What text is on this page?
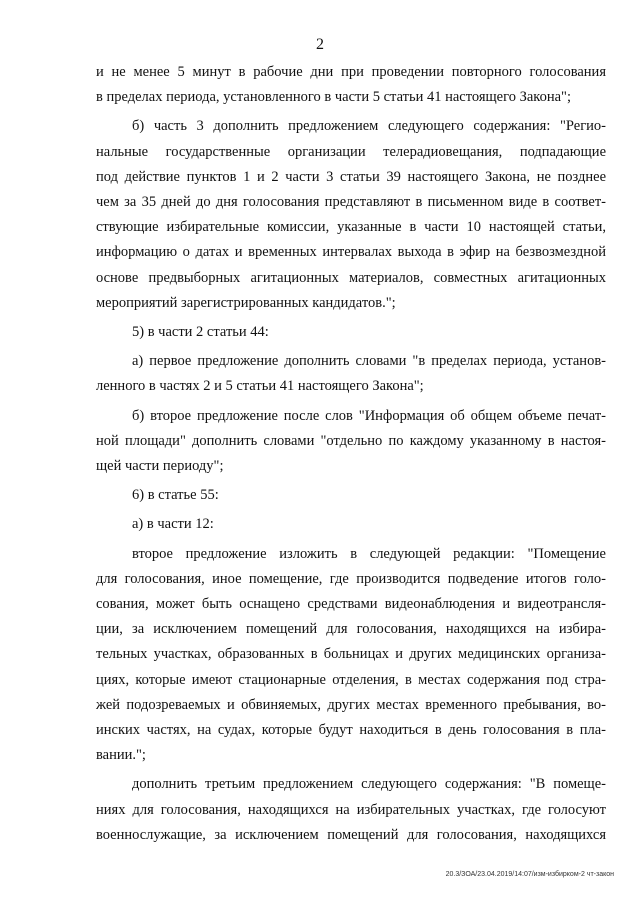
2

и не менее 5 минут в рабочие дни при проведении повторного голосования

в пределах периода, установленного в части 5 статьи 41 настоящего Закона";

б) часть 3 дополнить предложением следующего содержания: "Регио-

нальные государственные организации телерадиовещания, подпадающие

под действие пунктов 1 и 2 части 3 статьи 39 настоящего Закона, не позднее

чем за 35 дней до дня голосования представляют в письменном виде в соответ-

ствующие избирательные комиссии, указанные в части 10 настоящей статьи,

информацию о датах и временных интервалах выхода в эфир на безвозмездной

основе предвыборных агитационных материалов, совместных агитационных

мероприятий зарегистрированных кандидатов.";

5) в части 2 статьи 44:

а) первое предложение дополнить словами "в пределах периода, установ-

ленного в частях 2 и 5 статьи 41 настоящего Закона";

б) второе предложение после слов "Информация об общем объеме печат-

ной площади" дополнить словами "отдельно по каждому указанному в настоя-

щей части периоду";

6) в статье 55:

а) в части 12:

второе предложение изложить в следующей редакции: "Помещение

для голосования, иное помещение, где производится подведение итогов голо-

сования, может быть оснащено средствами видеонаблюдения и видеотрансля-

ции, за исключением помещений для голосования, находящихся на избира-

тельных участках, образованных в больницах и других медицинских организа-

циях, которые имеют стационарные отделения, в местах содержания под стра-

жей подозреваемых и обвиняемых, других местах временного пребывания, во-

инских частях, на судах, которые будут находиться в день голосования в пла-

вании.";

дополнить третьим предложением следующего содержания: "В помеще-

ниях для голосования, находящихся на избирательных участках, где голосуют

военнослужащие, за исключением помещений для голосования, находящихся

20.3/ЗОА/23.04.2019/14:07/изм-избирком-2 чт-закон
